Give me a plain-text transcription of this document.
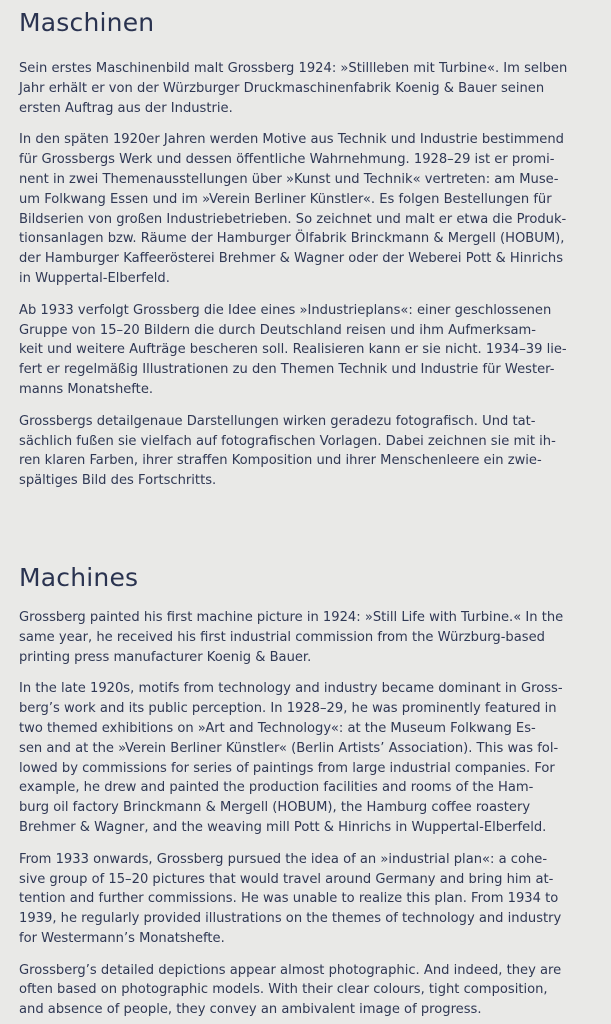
Maschinen

Sein erstes Maschinenbild malt Grossberg 1924: »Stillleben mit Turbine«. Im selben
Jahr erhält er von der Würzburger Druckmaschinenfabrik Koenig & Bauer seinen
ersten Auftrag aus der Industrie.

In den späten 1920er Jahren werden Motive aus Technik und Industrie bestimmend
für Grossbergs Werk und dessen öffentliche Wahrnehmung. 1928–29 ist er promi-
nent in zwei Themenausstellungen über »Kunst und Technik« vertreten: am Muse-
um Folkwang Essen und im »Verein Berliner Künstler«. Es folgen Bestellungen für
Bildserien von großen Industriebetrieben. So zeichnet und malt er etwa die Produk-
tionsanlagen bzw. Räume der Hamburger Ölfabrik Brinckmann & Mergell (HOBUM),
der Hamburger Kaffeerösterei Brehmer & Wagner oder der Weberei Pott & Hinrichs
in Wuppertal-Elberfeld.

Ab 1933 verfolgt Grossberg die Idee eines »Industrieplans«: einer geschlossenen
Gruppe von 15–20 Bildern die durch Deutschland reisen und ihm Aufmerksam-
keit und weitere Aufträge bescheren soll. Realisieren kann er sie nicht. 1934–39 lie-
fert er regelmäßig Illustrationen zu den Themen Technik und Industrie für Wester-
manns Monatshefte.

Grossbergs detailgenaue Darstellungen wirken geradezu fotografisch. Und tat-
sächlich fußen sie vielfach auf fotografischen Vorlagen. Dabei zeichnen sie mit ih-
ren klaren Farben, ihrer straffen Komposition und ihrer Menschenleere ein zwie-
spältiges Bild des Fortschritts.

Machines

Grossberg painted his first machine picture in 1924: »Still Life with Turbine.« In the
same year, he received his first industrial commission from the Würzburg-based
printing press manufacturer Koenig & Bauer.

In the late 1920s, motifs from technology and industry became dominant in Gross-
berg’s work and its public perception. In 1928–29, he was prominently featured in
two themed exhibitions on »Art and Technology«: at the Museum Folkwang Es-
sen and at the »Verein Berliner Künstler« (Berlin Artists’ Association). This was fol-
lowed by commissions for series of paintings from large industrial companies. For
example, he drew and painted the production facilities and rooms of the Ham-
burg oil factory Brinckmann & Mergell (HOBUM), the Hamburg coffee roastery
Brehmer & Wagner, and the weaving mill Pott & Hinrichs in Wuppertal-Elberfeld.

From 1933 onwards, Grossberg pursued the idea of an »industrial plan«: a cohe-
sive group of 15–20 pictures that would travel around Germany and bring him at-
tention and further commissions. He was unable to realize this plan. From 1934 to
1939, he regularly provided illustrations on the themes of technology and industry
for Westermann’s Monatshefte.

Grossberg’s detailed depictions appear almost photographic. And indeed, they are
often based on photographic models. With their clear colours, tight composition,
and absence of people, they convey an ambivalent image of progress.
